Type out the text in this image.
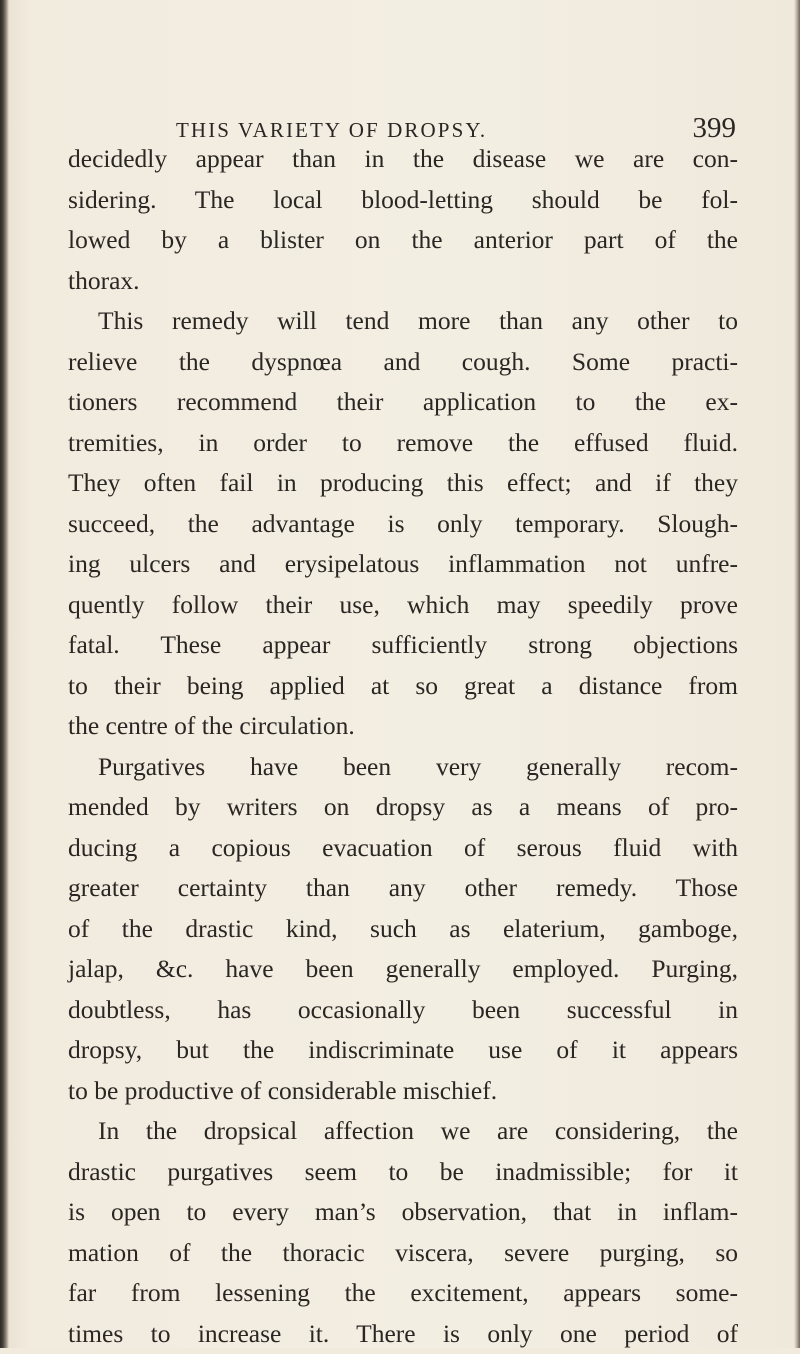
THIS VARIETY OF DROPSY.	399
decidedly appear than in the disease we are con-
sidering. The local blood-letting should be fol-
lowed by a blister on the anterior part of the
thorax.
This remedy will tend more than any other to
relieve the dyspnœa and cough. Some practi-
tioners recommend their application to the ex-
tremities, in order to remove the effused fluid.
They often fail in producing this effect; and if they
succeed, the advantage is only temporary. Slough-
ing ulcers and erysipelatous inflammation not unfre-
quently follow their use, which may speedily prove
fatal. These appear sufficiently strong objections
to their being applied at so great a distance from
the centre of the circulation.
Purgatives have been very generally recom-
mended by writers on dropsy as a means of pro-
ducing a copious evacuation of serous fluid with
greater certainty than any other remedy. Those
of the drastic kind, such as elaterium, gamboge,
jalap, &c. have been generally employed. Purging,
doubtless, has occasionally been successful in
dropsy, but the indiscriminate use of it appears
to be productive of considerable mischief.
In the dropsical affection we are considering, the
drastic purgatives seem to be inadmissible; for it
is open to every man’s observation, that in inflam-
mation of the thoracic viscera, severe purging, so
far from lessening the excitement, appears some-
times to increase it. There is only one period of
